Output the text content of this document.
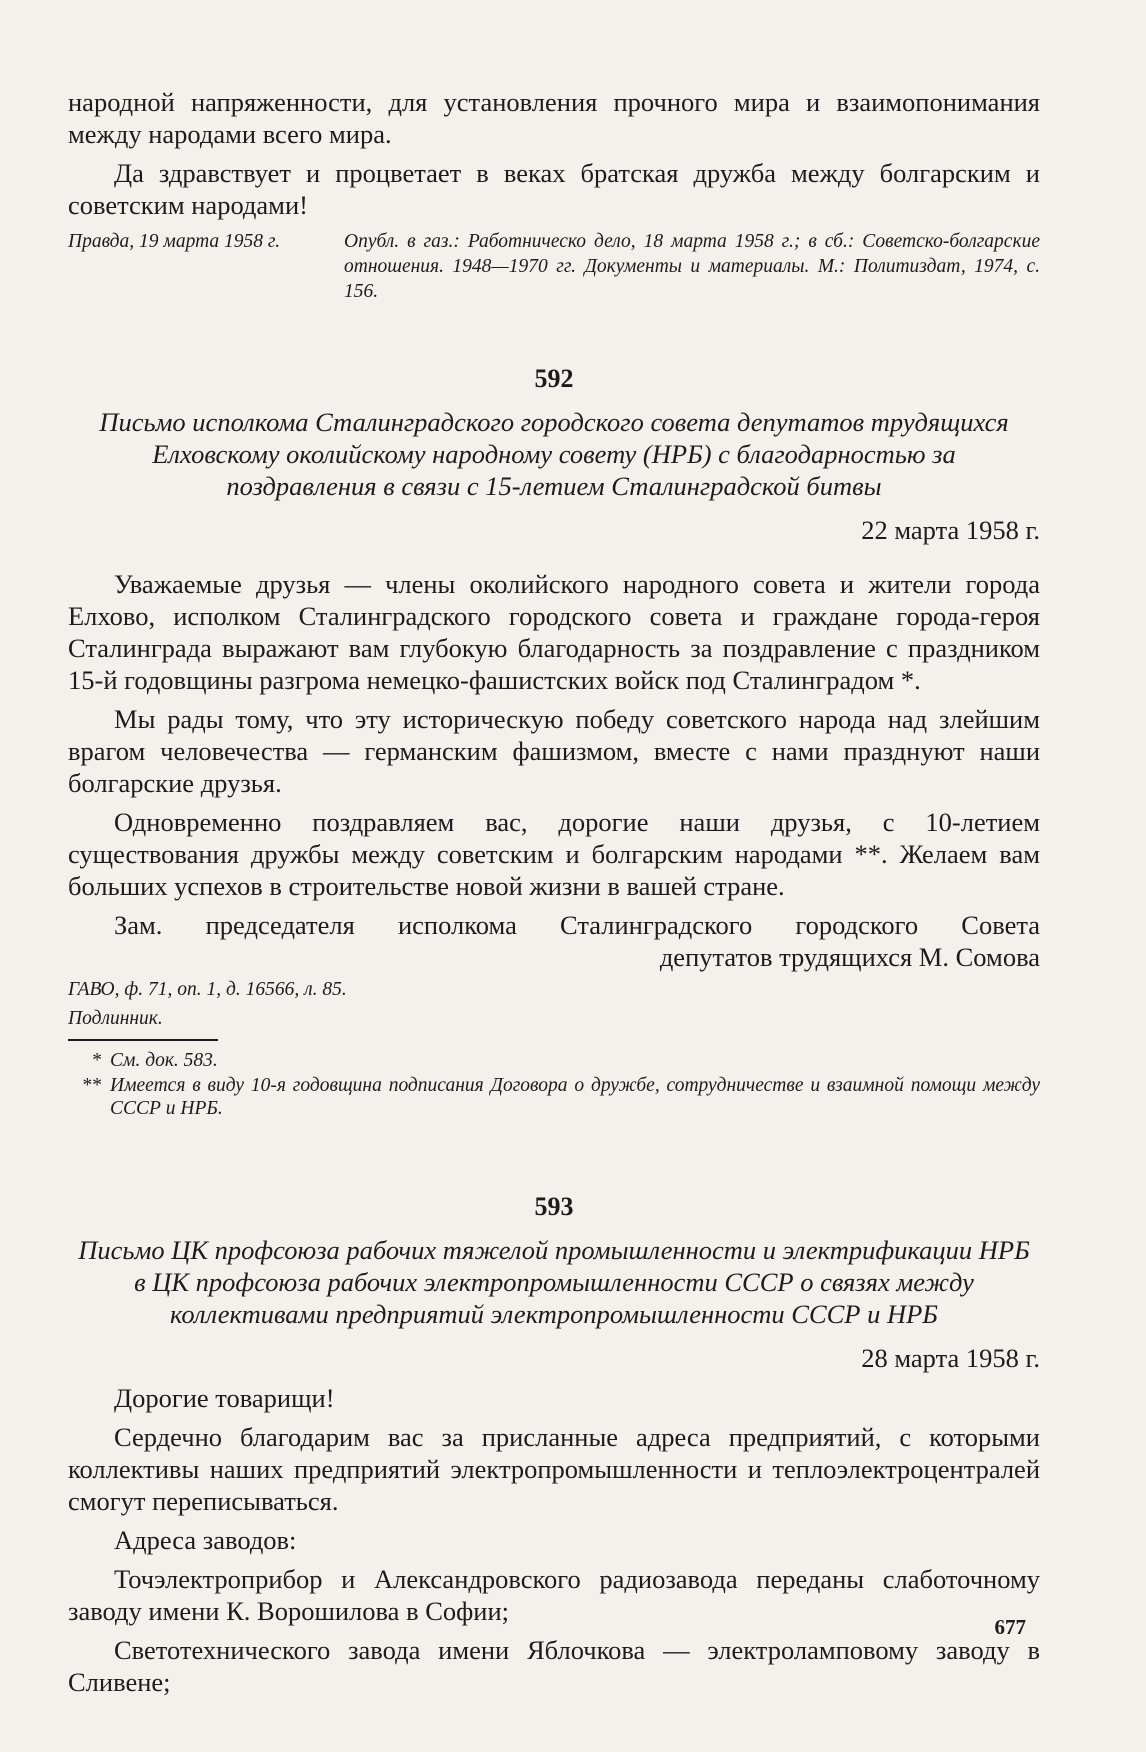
народной напряженности, для установления прочного мира и взаимопонимания между народами всего мира.

Да здравствует и процветает в веках братская дружба между болгарским и советским народами!

Правда, 19 марта 1958 г.	Опубл. в газ.: Работническо дело, 18 марта 1958 г.; в сб.: Советско-болгарские отношения. 1948—1970 гг. Документы и материалы. М.: Политиздат, 1974, с. 156.
592
Письмо исполкома Сталинградского городского совета депутатов трудящихся Елховскому околийскому народному совету (НРБ) с благодарностью за поздравления в связи с 15-летием Сталинградской битвы
22 марта 1958 г.

Уважаемые друзья — члены околийского народного совета и жители города Елхово, исполком Сталинградского городского совета и граждане города-героя Сталинграда выражают вам глубокую благодарность за поздравление с праздником 15-й годовщины разгрома немецко-фашистских войск под Сталинградом *.

Мы рады тому, что эту историческую победу советского народа над злейшим врагом человечества — германским фашизмом, вместе с нами празднуют наши болгарские друзья.

Одновременно поздравляем вас, дорогие наши друзья, с 10-летием существования дружбы между советским и болгарским народами **. Желаем вам больших успехов в строительстве новой жизни в вашей стране.

Зам. председателя исполкома Сталинградского городского Совета
депутатов трудящихся М. Сомова
ГАВО, ф. 71, оп. 1, д. 16566, л. 85.
Подлинник.
* См. док. 583.
** Имеется в виду 10-я годовщина подписания Договора о дружбе, сотрудничестве и взаимной помощи между СССР и НРБ.
593
Письмо ЦК профсоюза рабочих тяжелой промышленности и электрификации НРБ в ЦК профсоюза рабочих электропромышленности СССР о связях между коллективами предприятий электропромышленности СССР и НРБ
28 марта 1958 г.

Дорогие товарищи!

Сердечно благодарим вас за присланные адреса предприятий, с которыми коллективы наших предприятий электропромышленности и теплоэлектроцентралей смогут переписываться.

Адреса заводов:

Точэлектроприбор и Александровского радиозавода переданы слаботочному заводу имени К. Ворошилова в Софии;

Светотехнического завода имени Яблочкова — электроламповому заводу в Сливене;

677
